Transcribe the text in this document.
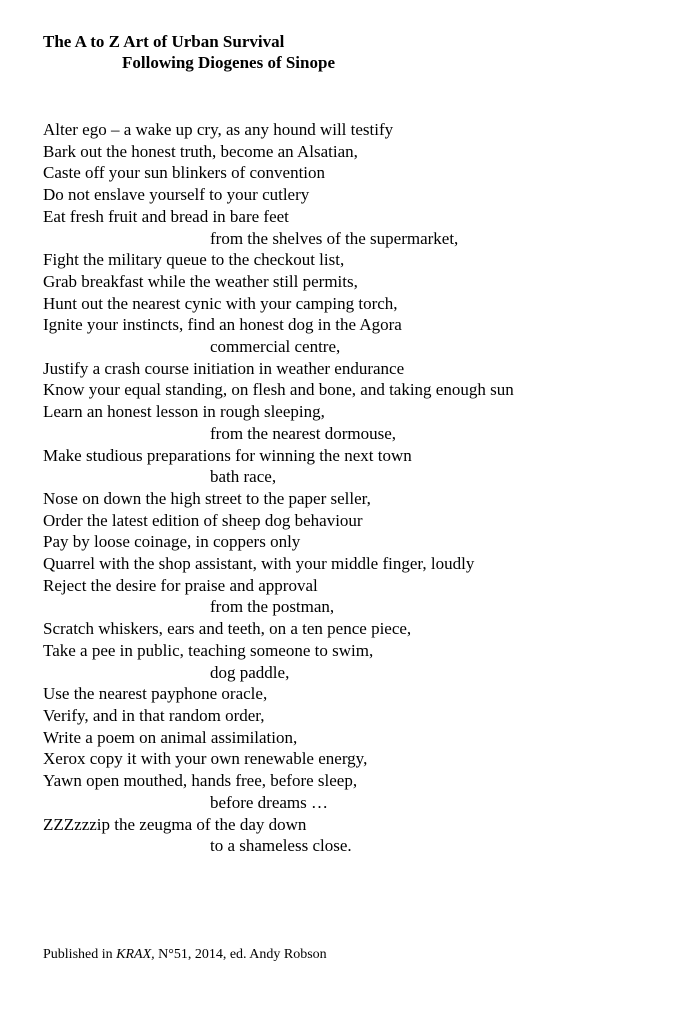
The A to Z Art of Urban Survival
Following Diogenes of Sinope
Alter ego – a wake up cry, as any hound will testify
Bark out the honest truth, become an Alsatian,
Caste off your sun blinkers of convention
Do not enslave yourself to your cutlery
Eat fresh fruit and bread in bare feet
from the shelves of the supermarket,
Fight the military queue to the checkout list,
Grab breakfast while the weather still permits,
Hunt out the nearest cynic with your camping torch,
Ignite your instincts, find an honest dog in the Agora
commercial centre,
Justify a crash course initiation in weather endurance
Know your equal standing, on flesh and bone, and taking enough sun
Learn an honest lesson in rough sleeping,
from the nearest dormouse,
Make studious preparations for winning the next town
bath race,
Nose on down the high street to the paper seller,
Order the latest edition of sheep dog behaviour
Pay by loose coinage, in coppers only
Quarrel with the shop assistant, with your middle finger, loudly
Reject the desire for praise and approval
from the postman,
Scratch whiskers, ears and teeth, on a ten pence piece,
Take a pee in public, teaching someone to swim,
dog paddle,
Use the nearest payphone oracle,
Verify, and in that random order,
Write a poem on animal assimilation,
Xerox copy it with your own renewable energy,
Yawn open mouthed, hands free, before sleep,
before dreams …
ZZZzzzip the zeugma of the day down
to a shameless close.
Published in KRAX, N°51, 2014, ed. Andy Robson
